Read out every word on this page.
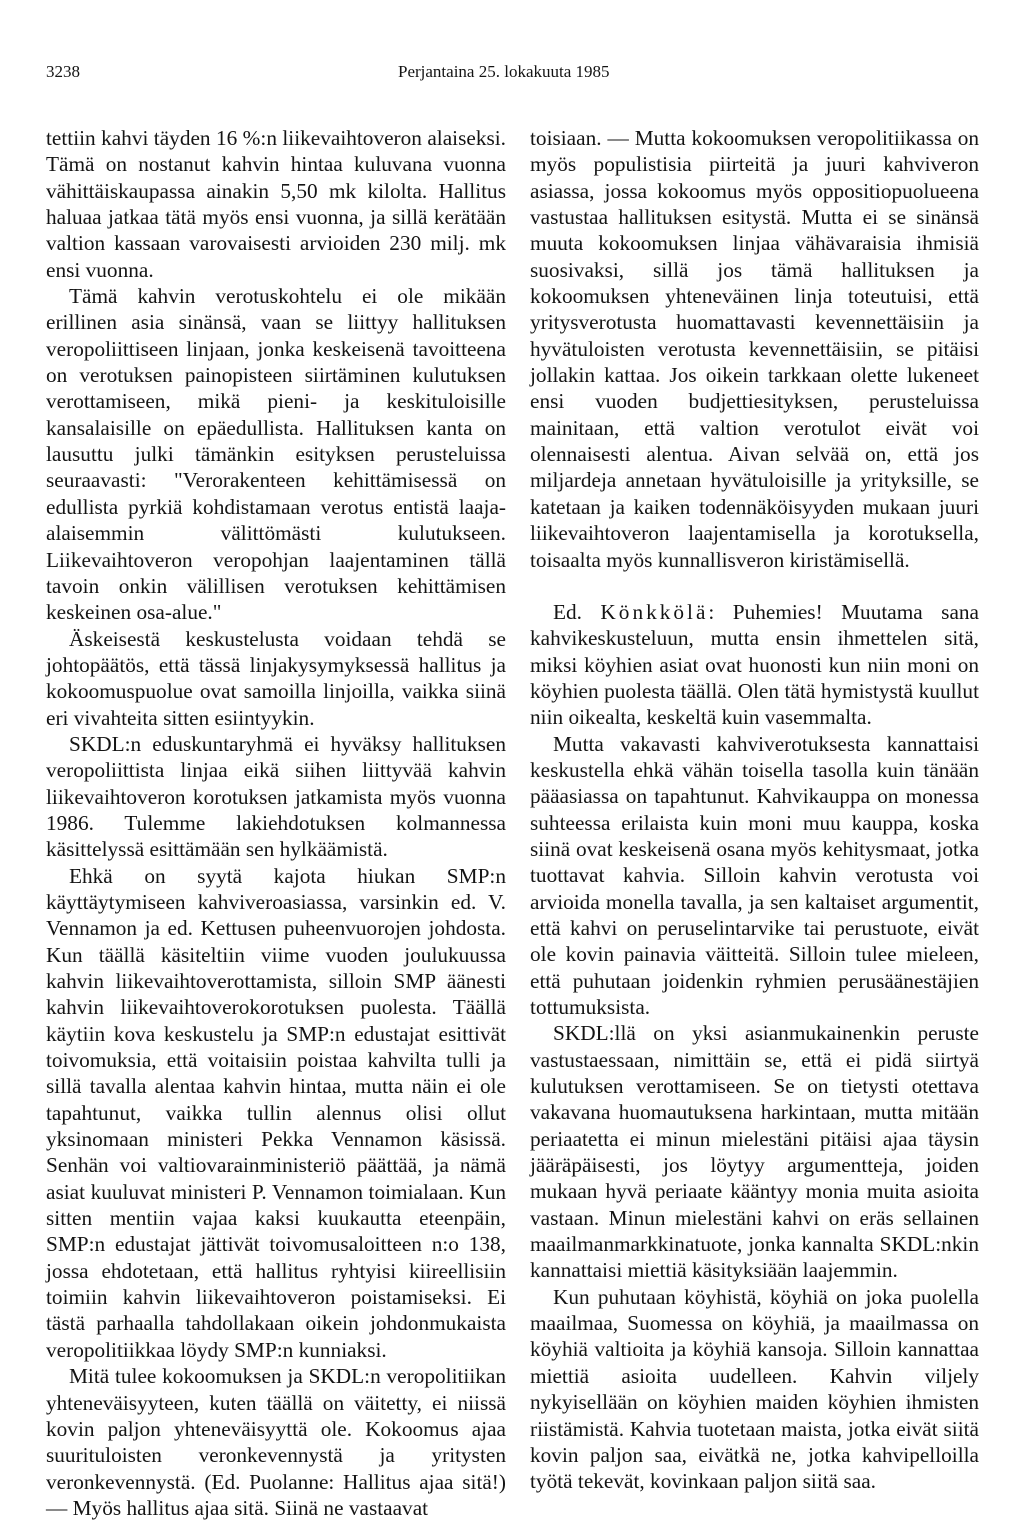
3238	Perjantaina 25. lokakuuta 1985

tettiin kahvi täyden 16 %:n liikevaihtoveron alaiseksi. Tämä on nostanut kahvin hintaa kuluvana vuonna vähittäiskaupassa ainakin 5,50 mk kilolta. Hallitus haluaa jatkaa tätä myös ensi vuonna, ja sillä kerätään valtion kassaan varovaisesti arvioiden 230 milj. mk ensi vuonna.

Tämä kahvin verotuskohtelu ei ole mikään erillinen asia sinänsä, vaan se liittyy hallituksen veropoliittiseen linjaan, jonka keskeisenä tavoitteena on verotuksen painopisteen siirtäminen kulutuksen verottamiseen, mikä pieni- ja keskituloisille kansalaisille on epäedullista. Hallituksen kanta on lausuttu julki tämänkin esityksen perusteluissa seuraavasti: "Verorakenteen kehittämisessä on edullista pyrkiä kohdistamaan verotus entistä laaja-alaisemmin välittömästi kulutukseen. Liikevaihtoveron veropohjan laajentaminen tällä tavoin onkin välillisen verotuksen kehittämisen keskeinen osa-alue."

Äskeisestä keskustelusta voidaan tehdä se johtopäätös, että tässä linjakysymyksessä hallitus ja kokoomuspuolue ovat samoilla linjoilla, vaikka siinä eri vivahteita sitten esiintyykin.

SKDL:n eduskuntaryhmä ei hyväksy hallituksen veropoliittista linjaa eikä siihen liittyvää kahvin liikevaihtoveron korotuksen jatkamista myös vuonna 1986. Tulemme lakiehdotuksen kolmannessa käsittelyssä esittämään sen hylkäämistä.

Ehkä on syytä kajota hiukan SMP:n käyttäytymiseen kahviveroasiassa, varsinkin ed. V. Vennamon ja ed. Kettusen puheenvuorojen johdosta. Kun täällä käsiteltiin viime vuoden joulukuussa kahvin liikevaihtoverottamista, silloin SMP äänesti kahvin liikevaihtoverokorotuksen puolesta. Täällä käytiin kova keskustelu ja SMP:n edustajat esittivät toivomuksia, että voitaisiin poistaa kahvilta tulli ja sillä tavalla alentaa kahvin hintaa, mutta näin ei ole tapahtunut, vaikka tullin alennus olisi ollut yksinomaan ministeri Pekka Vennamon käsissä. Senhän voi valtiovarainministeriö päättää, ja nämä asiat kuuluvat ministeri P. Vennamon toimialaan. Kun sitten mentiin vajaa kaksi kuukautta eteenpäin, SMP:n edustajat jättivät toivomusaloitteen n:o 138, jossa ehdotetaan, että hallitus ryhtyisi kiireellisiin toimiin kahvin liikevaihtoveron poistamiseksi. Ei tästä parhaalla tahdollakaan oikein johdonmukaista veropolitiikkaa löydy SMP:n kunniaksi.

Mitä tulee kokoomuksen ja SKDL:n veropolitiikan yhteneväisyyteen, kuten täällä on väitetty, ei niissä kovin paljon yhteneväisyyttä ole. Kokoomus ajaa suurituloisten veronkevennystä ja yritysten veronkevennystä. (Ed. Puolanne: Hallitus ajaa sitä!) — Myös hallitus ajaa sitä. Siinä ne vastaavat

toisiaan. — Mutta kokoomuksen veropolitiikassa on myös populistisia piirteitä ja juuri kahviveron asiassa, jossa kokoomus myös oppositiopuolueena vastustaa hallituksen esitystä. Mutta ei se sinänsä muuta kokoomuksen linjaa vähävaraisia ihmisiä suosivaksi, sillä jos tämä hallituksen ja kokoomuksen yhteneväinen linja toteutuisi, että yritysverotusta huomattavasti kevennettäisiin ja hyvätuloisten verotusta kevennettäisiin, se pitäisi jollakin kattaa. Jos oikein tarkkaan olette lukeneet ensi vuoden budjettiesityksen, perusteluissa mainitaan, että valtion verotulot eivät voi olennaisesti alentua. Aivan selvää on, että jos miljardeja annetaan hyvätuloisille ja yrityksille, se katetaan ja kaiken todennäköisyyden mukaan juuri liikevaihtoveron laajentamisella ja korotuksella, toisaalta myös kunnallisveron kiristämisellä.

Ed. Könkkölä: Puhemies! Muutama sana kahvikeskusteluun, mutta ensin ihmettelen sitä, miksi köyhien asiat ovat huonosti kun niin moni on köyhien puolesta täällä. Olen tätä hymistystä kuullut niin oikealta, keskeltä kuin vasemmalta.

Mutta vakavasti kahviverotuksesta kannattaisi keskustella ehkä vähän toisella tasolla kuin tänään pääasiassa on tapahtunut. Kahvikauppa on monessa suhteessa erilaista kuin moni muu kauppa, koska siinä ovat keskeisenä osana myös kehitysmaat, jotka tuottavat kahvia. Silloin kahvin verotusta voi arvioida monella tavalla, ja sen kaltaiset argumentit, että kahvi on peruselintarvike tai perustuote, eivät ole kovin painavia väitteitä. Silloin tulee mieleen, että puhutaan joidenkin ryhmien perusäänestäjien tottumuksista.

SKDL:llä on yksi asianmukainenkin peruste vastustaessaan, nimittäin se, että ei pidä siirtyä kulutuksen verottamiseen. Se on tietysti otettava vakavana huomautuksena harkintaan, mutta mitään periaatetta ei minun mielestäni pitäisi ajaa täysin jääräpäisesti, jos löytyy argumentteja, joiden mukaan hyvä periaate kääntyy monia muita asioita vastaan. Minun mielestäni kahvi on eräs sellainen maailmanmarkkinatuote, jonka kannalta SKDL:nkin kannattaisi miettiä käsityksiään laajemmin.

Kun puhutaan köyhistä, köyhiä on joka puolella maailmaa, Suomessa on köyhiä, ja maailmassa on köyhiä valtioita ja köyhiä kansoja. Silloin kannattaa miettiä asioita uudelleen. Kahvin viljely nykyisellään on köyhien maiden köyhien ihmisten riistämistä. Kahvia tuotetaan maista, jotka eivät siitä kovin paljon saa, eivätkä ne, jotka kahvipelloilla työtä tekevät, kovinkaan paljon siitä saa.
